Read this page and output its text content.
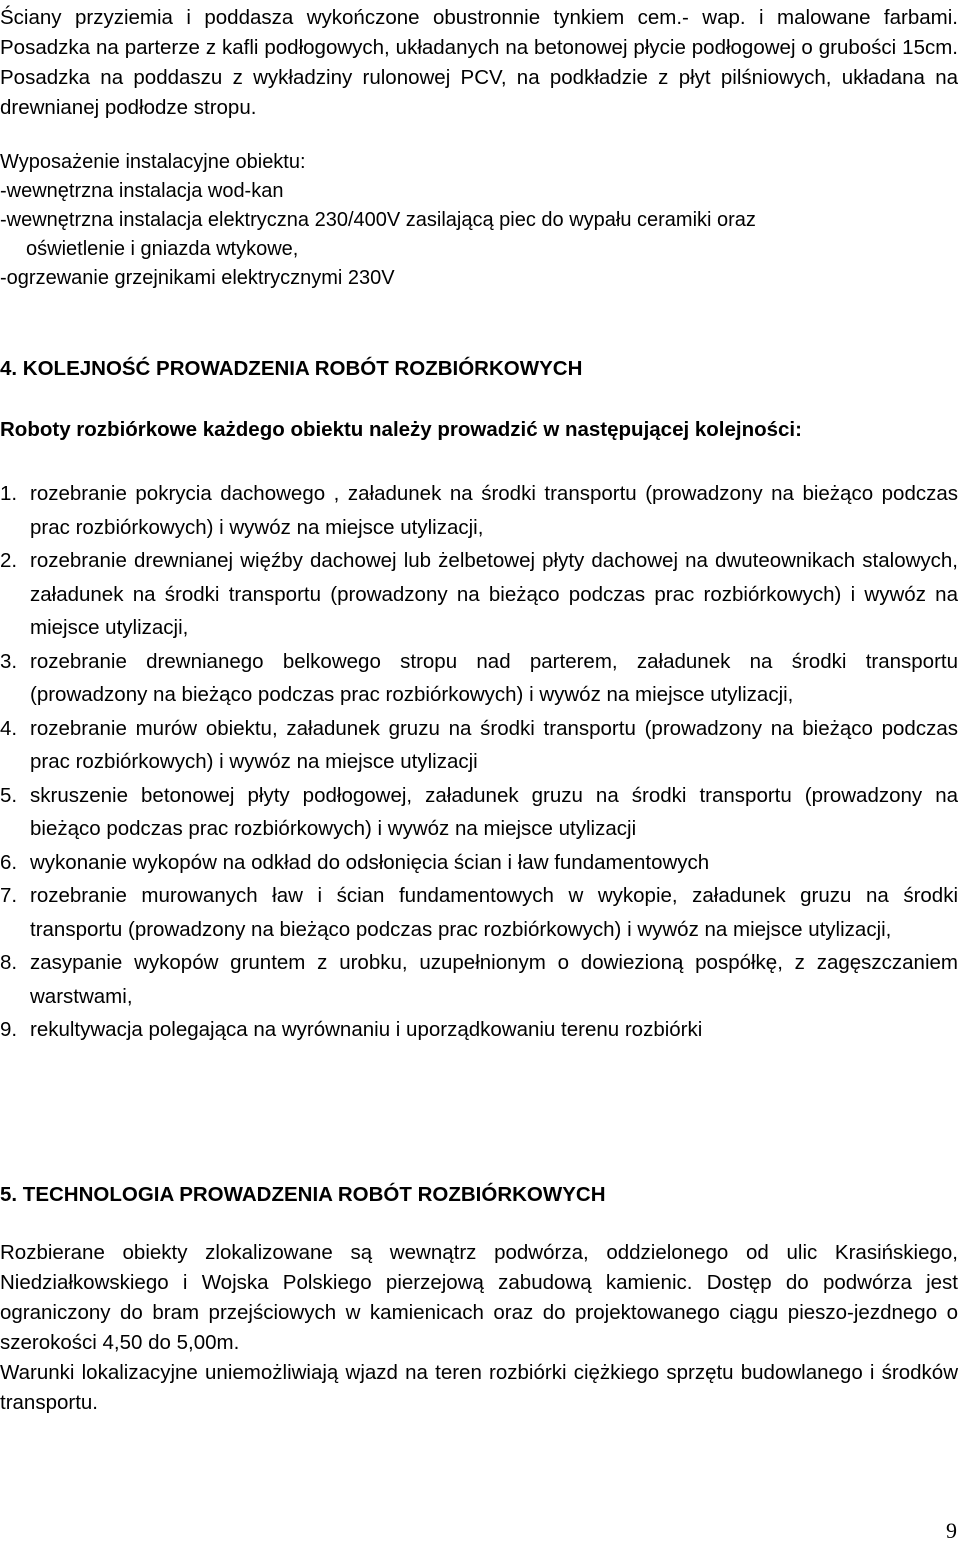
Ściany przyziemia i poddasza wykończone obustronnie tynkiem cem.- wap. i malowane farbami. Posadzka na parterze z kafli podłogowych, układanych na betonowej płycie podłogowej o grubości 15cm. Posadzka na poddaszu z wykładziny rulonowej PCV, na podkładzie z płyt pilśniowych, układana na drewnianej podłodze stropu.

Wyposażenie instalacyjne obiektu:
-wewnętrzna instalacja wod-kan
-wewnętrzna instalacja elektryczna 230/400V zasilającą piec do wypału ceramiki oraz
oświetlenie i gniazda wtykowe,
-ogrzewanie grzejnikami elektrycznymi 230V
4. KOLEJNOŚĆ PROWADZENIA ROBÓT ROZBIÓRKOWYCH

Roboty rozbiórkowe każdego obiektu należy prowadzić w następującej kolejności:

1. rozebranie pokrycia dachowego , załadunek na środki transportu (prowadzony na bieżąco podczas prac rozbiórkowych) i wywóz na miejsce utylizacji,
2. rozebranie drewnianej więźby dachowej lub żelbetowej płyty dachowej na dwuteownikach stalowych, załadunek na środki transportu (prowadzony na bieżąco podczas prac rozbiórkowych) i wywóz na miejsce utylizacji,
3. rozebranie drewnianego belkowego stropu nad parterem, załadunek na środki transportu (prowadzony na bieżąco podczas prac rozbiórkowych) i wywóz na miejsce utylizacji,
4. rozebranie murów obiektu, załadunek gruzu na środki transportu (prowadzony na bieżąco podczas prac rozbiórkowych) i wywóz na miejsce utylizacji
5. skruszenie betonowej płyty podłogowej, załadunek gruzu na środki transportu (prowadzony na bieżąco podczas prac rozbiórkowych) i wywóz na miejsce utylizacji
6. wykonanie wykopów na odkład do odsłonięcia ścian i ław fundamentowych
7. rozebranie murowanych ław i ścian fundamentowych w wykopie, załadunek gruzu na środki transportu (prowadzony na bieżąco podczas prac rozbiórkowych) i wywóz na miejsce utylizacji,
8. zasypanie wykopów gruntem z urobku, uzupełnionym o dowiezioną pospółkę, z zagęszczaniem warstwami,
9. rekultywacja polegająca na wyrównaniu i uporządkowaniu terenu rozbiórki
5. TECHNOLOGIA PROWADZENIA ROBÓT ROZBIÓRKOWYCH
Rozbierane obiekty zlokalizowane są wewnątrz podwórza, oddzielonego od ulic Krasińskiego, Niedziałkowskiego i Wojska Polskiego pierzejową zabudową kamienic. Dostęp do podwórza jest ograniczony do bram przejściowych w kamienicach oraz do projektowanego ciągu pieszo-jezdnego o szerokości 4,50 do 5,00m.
Warunki lokalizacyjne uniemożliwiają wjazd na teren rozbiórki ciężkiego sprzętu budowlanego i środków transportu.
9
